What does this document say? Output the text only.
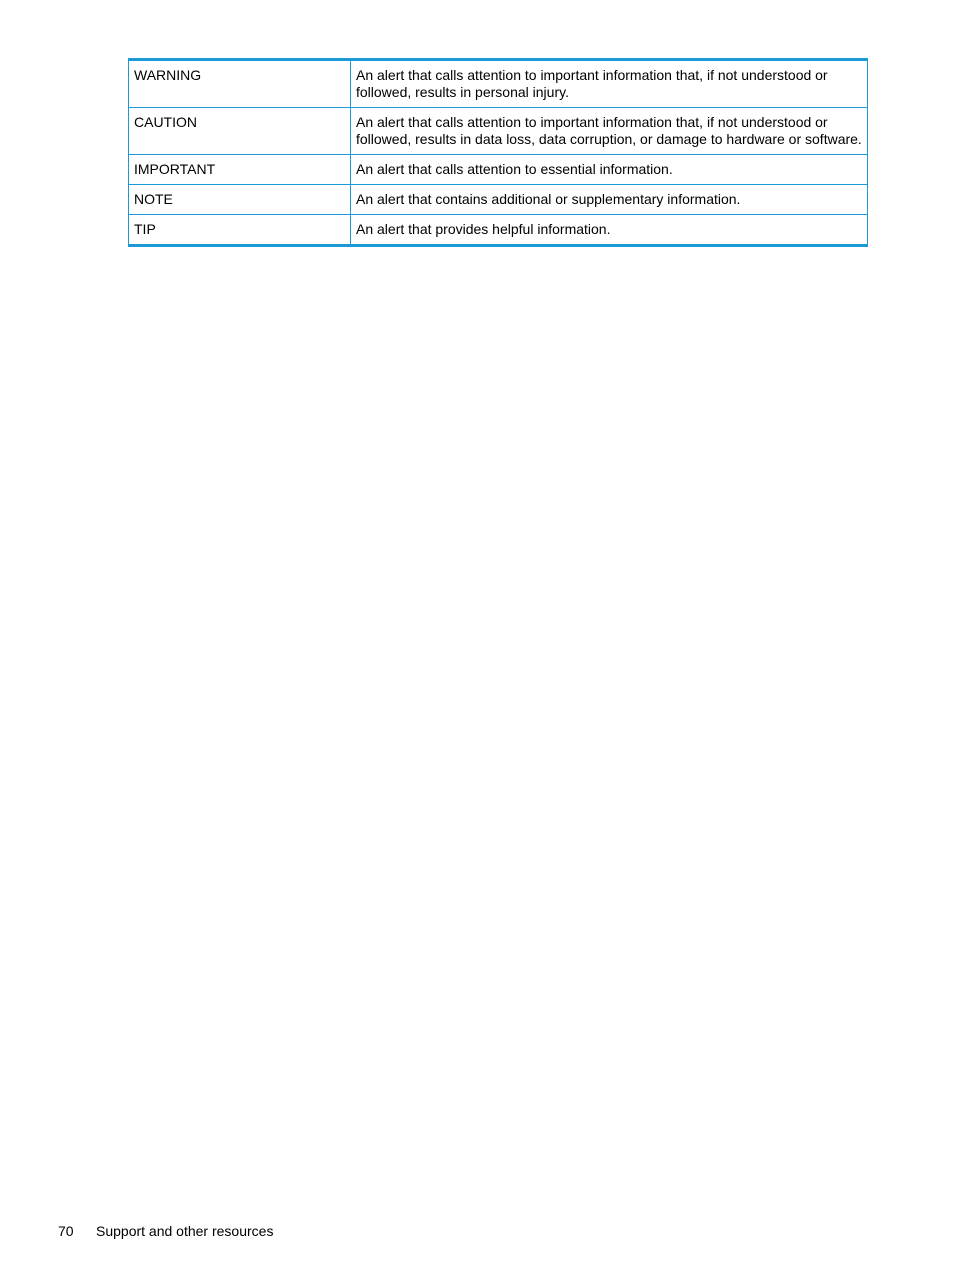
WARNING	An alert that calls attention to important information that, if not understood or followed, results in personal injury.
CAUTION	An alert that calls attention to important information that, if not understood or followed, results in data loss, data corruption, or damage to hardware or software.
IMPORTANT	An alert that calls attention to essential information.
NOTE	An alert that contains additional or supplementary information.
TIP	An alert that provides helpful information.
70 Support and other resources
